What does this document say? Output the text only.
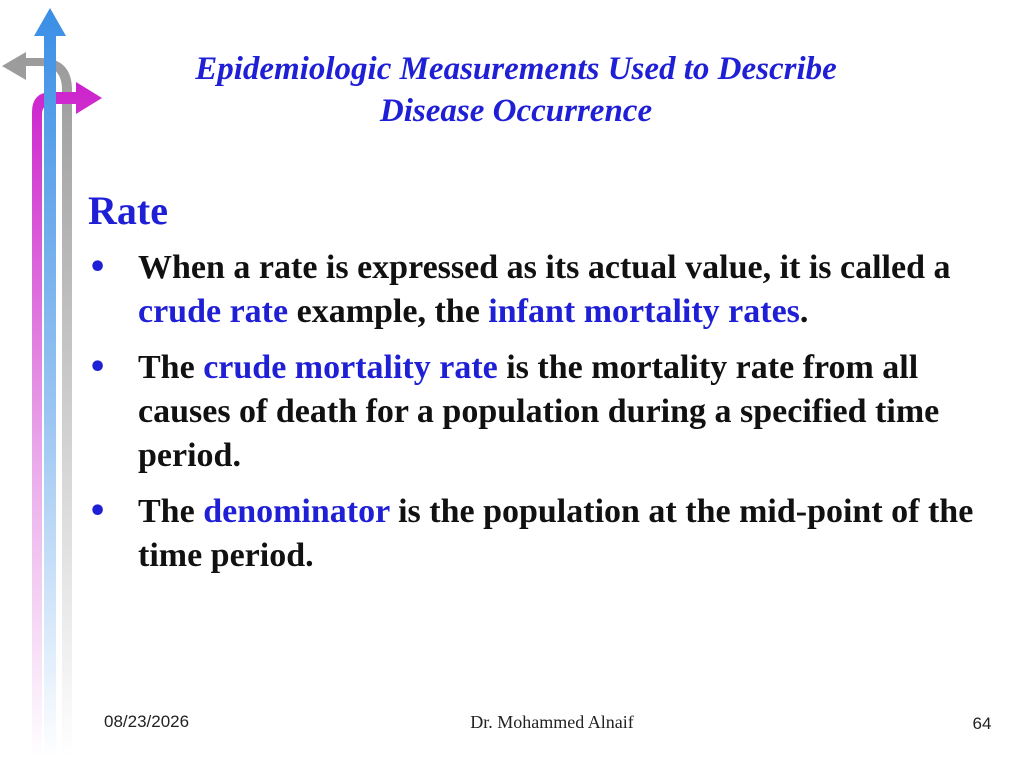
Epidemiologic Measurements Used to Describe
Disease Occurrence
Rate
• When a rate is expressed as its actual value, it is called a crude rate example, the infant mortality rates.
• The crude mortality rate is the mortality rate from all causes of death for a population during a specified time period.
• The denominator is the population at the mid-point of the time period.
08/23/2026	Dr. Mohammed Alnaif	64
